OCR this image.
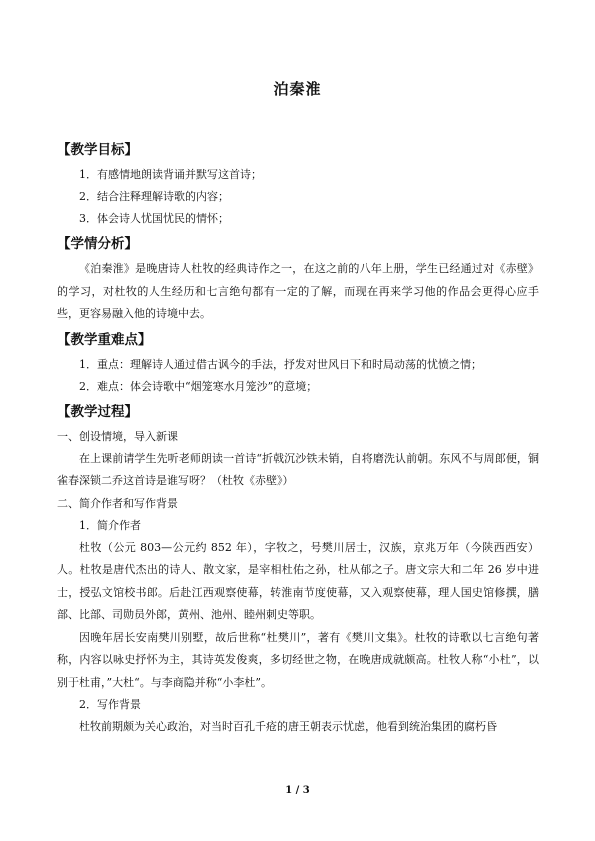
泊秦淮
【教学目标】
1．有感情地朗读背诵并默写这首诗；
2．结合注释理解诗歌的内容；
3．体会诗人忧国忧民的情怀；
【学情分析】

《泊秦淮》是晚唐诗人杜牧的经典诗作之一，在这之前的八年上册，学生已经通过对《赤壁》的学习，对杜牧的人生经历和七言绝句都有一定的了解，而现在再来学习他的作品会更得心应手些，更容易融入他的诗境中去。

【教学重难点】
1．重点：理解诗人通过借古讽今的手法，抒发对世风日下和时局动荡的忧愤之情；
2．难点：体会诗歌中“烟笼寒水月笼沙”的意境；
【教学过程】
一、创设情境，导入新课

在上课前请学生先听老师朗读一首诗“折戟沉沙铁未销，自将磨洗认前朝。东风不与周郎便，铜雀春深锁二乔这首诗是谁写呀？（杜牧《赤壁》）

二、简介作者和写作背景
1．简介作者

杜牧（公元 803—公元约 852 年），字牧之，号樊川居士，汉族，京兆万年（今陕西西安）人。杜牧是唐代杰出的诗人、散文家，是宰相杜佑之孙，杜从郁之子。唐文宗大和二年 26 岁中进士，授弘文馆校书郎。后赴江西观察使幕，转淮南节度使幕，又入观察使幕，理人国史馆修撰，膳部、比部、司勋员外郎，黄州、池州、睦州刺史等职。

因晚年居长安南樊川别墅，故后世称“杜樊川”，著有《樊川文集》。杜牧的诗歌以七言绝句著称，内容以咏史抒怀为主，其诗英发俊爽，多切经世之物，在晚唐成就颇高。杜牧人称“小杜”，以别于杜甫，”大杜“。与李商隐并称“小李杜”。

2．写作背景

杜牧前期颇为关心政治，对当时百孔千疮的唐王朝表示忧虑，他看到统治集团的腐朽昏

1 / 3
